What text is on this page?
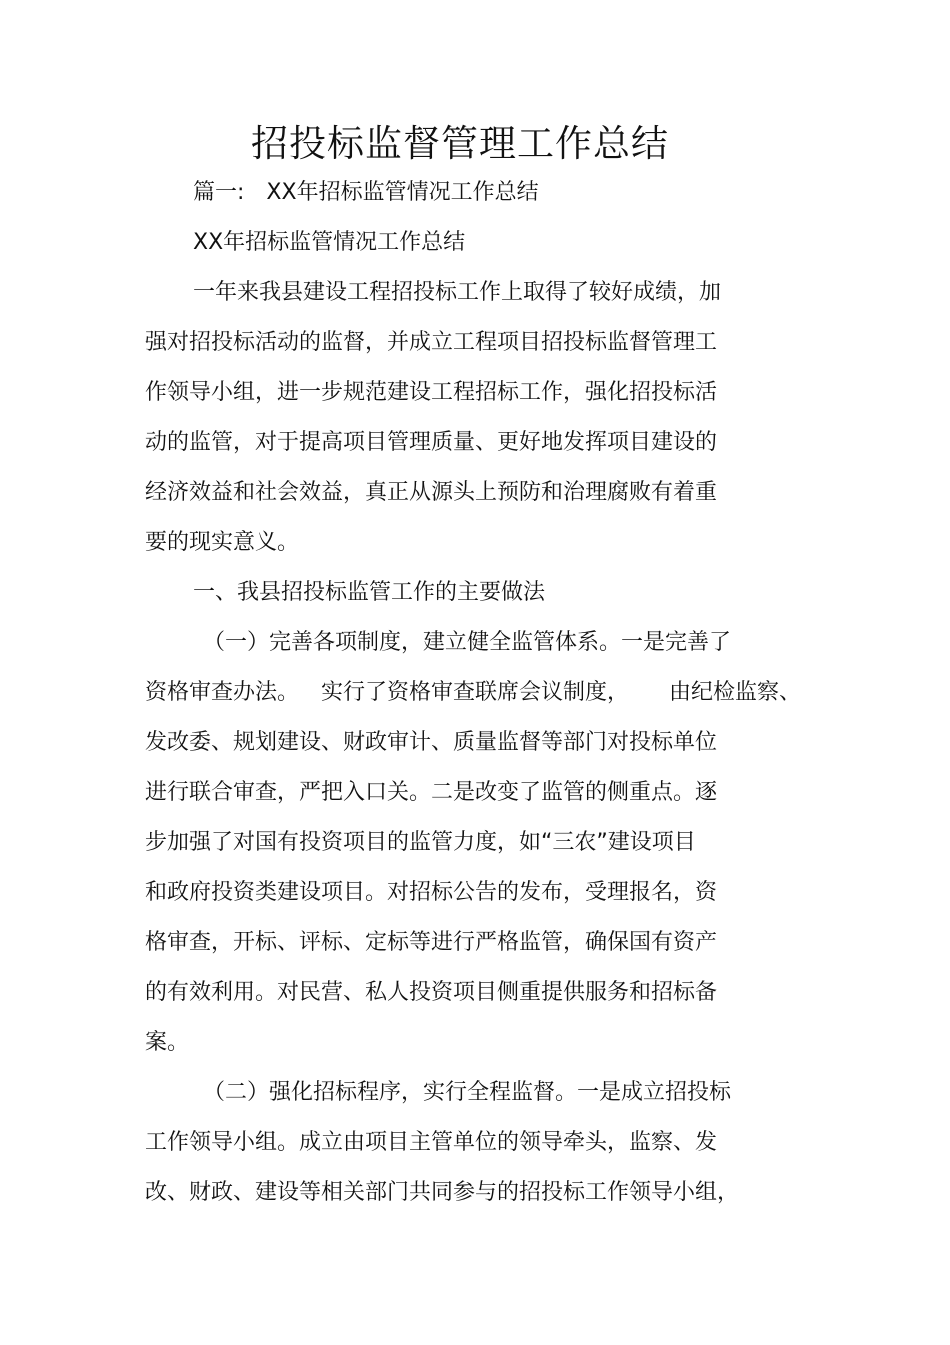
招投标监督管理工作总结
篇一: XX年招标监管情况工作总结
XX年招标监管情况工作总结
一年来我县建设工程招投标工作上取得了较好成绩，加
强对招投标活动的监督，并成立工程项目招投标监督管理工
作领导小组，进一步规范建设工程招标工作，强化招投标活
动的监管，对于提高项目管理质量、更好地发挥项目建设的
经济效益和社会效益，真正从源头上预防和治理腐败有着重
要的现实意义。
一、我县招投标监管工作的主要做法
（一）完善各项制度，建立健全监管体系。一是完善了
资格审查办法。 实行了资格审查联席会议制度， 由纪检监察、
发改委、规划建设、财政审计、质量监督等部门对投标单位
进行联合审查，严把入口关。二是改变了监管的侧重点。逐
步加强了对国有投资项目的监管力度，如“三农”建设项目
和政府投资类建设项目。对招标公告的发布，受理报名，资
格审查，开标、评标、定标等进行严格监管，确保国有资产
的有效利用。对民营、私人投资项目侧重提供服务和招标备
案。
（二）强化招标程序，实行全程监督。一是成立招投标
工作领导小组。成立由项目主管单位的领导牵头，监察、发
改、财政、建设等相关部门共同参与的招投标工作领导小组，
